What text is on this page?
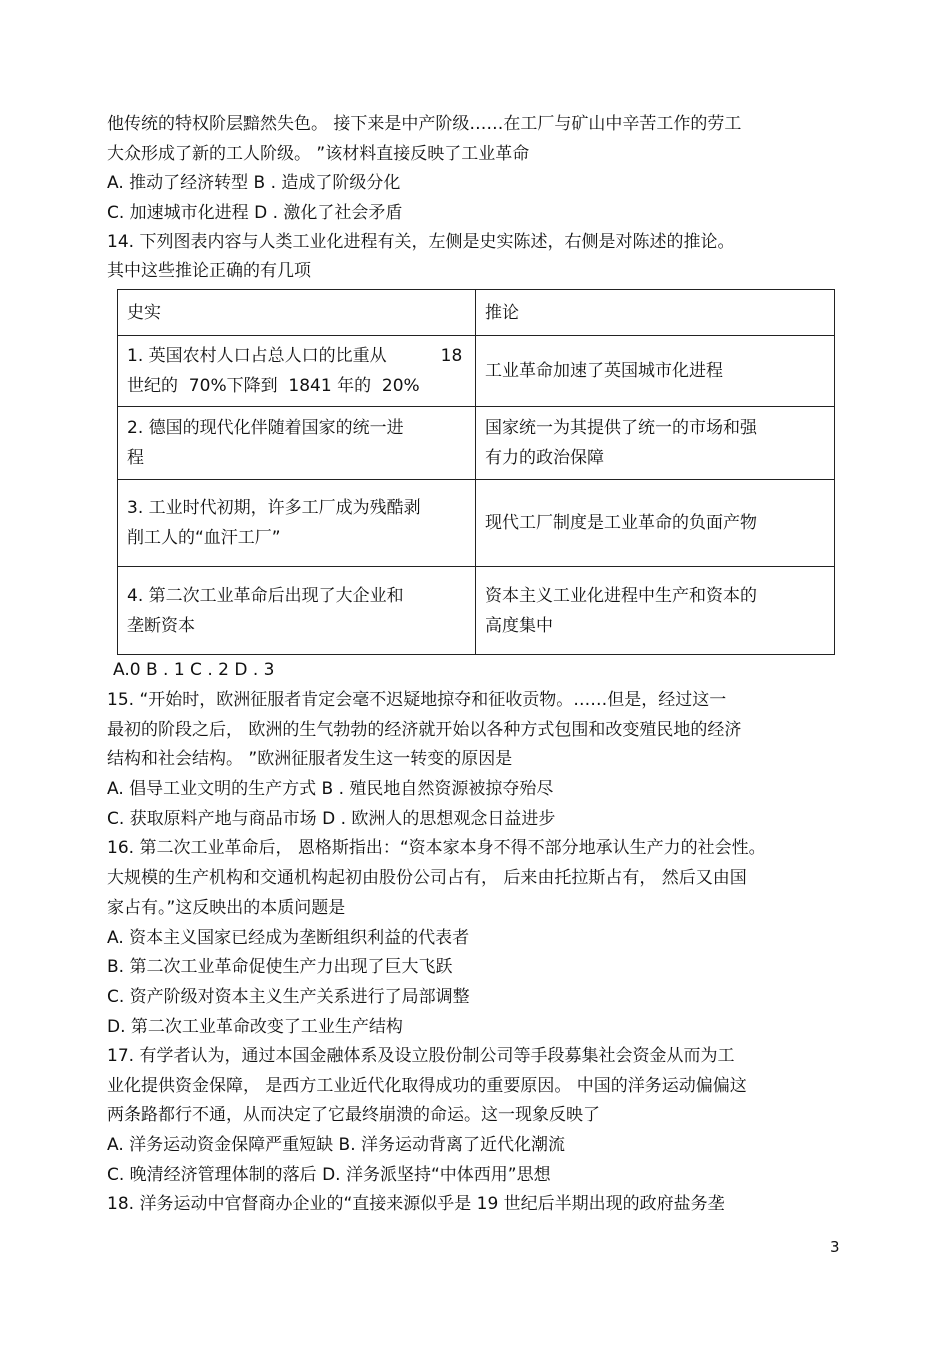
他传统的特权阶层黯然失色。 接下来是中产阶级……在工厂与矿山中辛苦工作的劳工
大众形成了新的工人阶级。 ”该材料直接反映了工业革命
A. 推动了经济转型 B . 造成了阶级分化
C. 加速城市化进程 D . 激化了社会矛盾
14. 下列图表内容与人类工业化进程有关，左侧是史实陈述，右侧是对陈述的推论。
其中这些推论正确的有几项
史实	推论

1. 英国农村人口占总人口的比重从          18
世纪的  70%下降到  1841 年的  20%	工业革命加速了英国城市化进程

2. 德国的现代化伴随着国家的统一进
程	国家统一为其提供了统一的市场和强
有力的政治保障

3. 工业时代初期，许多工厂成为残酷剥
削工人的“血汗工厂”	现代工厂制度是工业革命的负面产物

4. 第二次工业革命后出现了大企业和
垄断资本	资本主义工业化进程中生产和资本的
高度集中
A.0 B . 1 C . 2 D . 3
15. “开始时，欧洲征服者肯定会毫不迟疑地掠夺和征收贡物。……但是，经过这一
最初的阶段之后， 欧洲的生气勃勃的经济就开始以各种方式包围和改变殖民地的经济
结构和社会结构。 ”欧洲征服者发生这一转变的原因是
A. 倡导工业文明的生产方式 B . 殖民地自然资源被掠夺殆尽
C. 获取原料产地与商品市场 D . 欧洲人的思想观念日益进步
16. 第二次工业革命后， 恩格斯指出：“资本家本身不得不部分地承认生产力的社会性。
大规模的生产机构和交通机构起初由股份公司占有， 后来由托拉斯占有， 然后又由国
家占有。”这反映出的本质问题是
A. 资本主义国家已经成为垄断组织利益的代表者
B. 第二次工业革命促使生产力出现了巨大飞跃
C. 资产阶级对资本主义生产关系进行了局部调整
D. 第二次工业革命改变了工业生产结构
17. 有学者认为，通过本国金融体系及设立股份制公司等手段募集社会资金从而为工
业化提供资金保障， 是西方工业近代化取得成功的重要原因。 中国的洋务运动偏偏这
两条路都行不通，从而决定了它最终崩溃的命运。这一现象反映了
A. 洋务运动资金保障严重短缺 B. 洋务运动背离了近代化潮流
C. 晚清经济管理体制的落后 D. 洋务派坚持“中体西用”思想
18. 洋务运动中官督商办企业的“直接来源似乎是 19 世纪后半期出现的政府盐务垄
3
